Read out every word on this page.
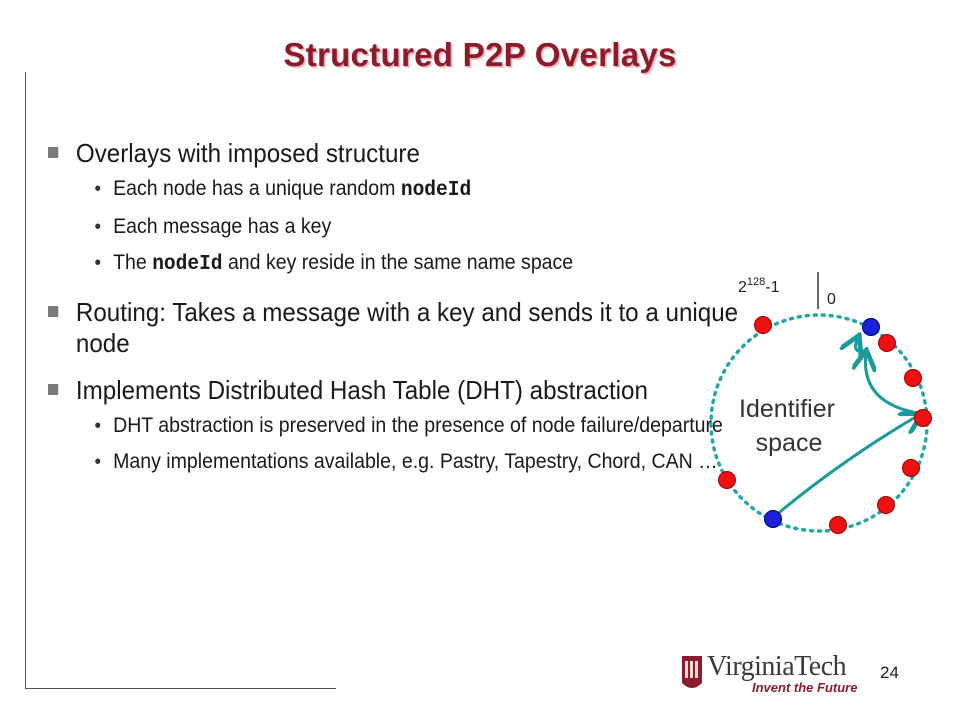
Structured P2P Overlays
Overlays with imposed structure
• Each node has a unique random nodeId
• Each message has a key
• The nodeId and key reside in the same name space
Routing: Takes a message with a key and sends it to a unique node
Implements Distributed Hash Table (DHT) abstraction
• DHT abstraction is preserved in the presence of node failure/departure
• Many implementations available, e.g. Pastry, Tapestry, Chord, CAN …
$2^{128}-1$
0
Identifier
space
VirginiaTech
Invent the Future
24
